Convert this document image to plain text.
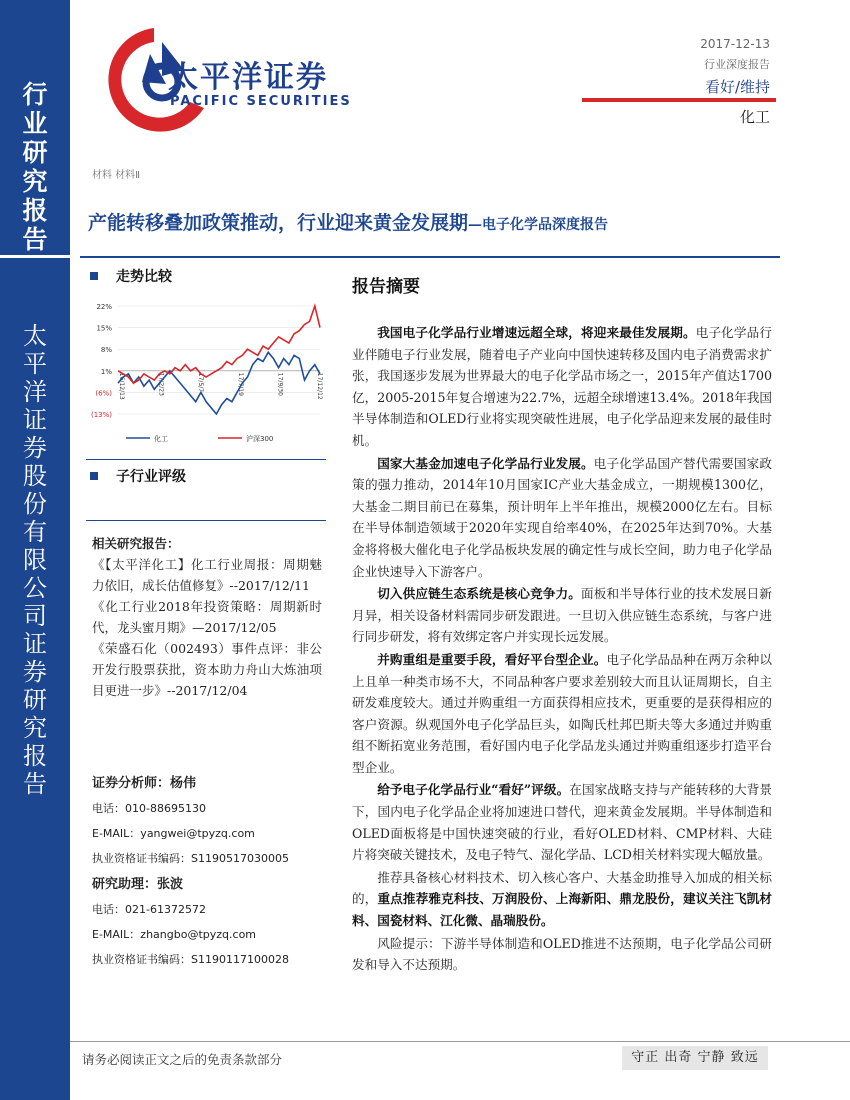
行
业
研
究
报
告
太
平
洋
证
券
股
份
有
限
公
司
证
券
研
究
报
告
太平洋证券
PACIFIC SECURITIES
2017-12-13
行业深度报告
看好/维持
化工
材料 材料Ⅱ
产能转移叠加政策推动，行业迎来黄金发展期—电子化学品深度报告
走势比较
22%
15%
8%
1%
(6%)
(13%)
16/12/13	17/2/23	17/5/7	17/7/19	17/9/30	17/12/12
化工	沪深300
子行业评级
相关研究报告：
《【太平洋化工】化工行业周报：周期魅力依旧，成长估值修复》--2017/12/11
《化工行业2018年投资策略：周期新时代，龙头蜜月期》—2017/12/05
《荣盛石化（002493）事件点评：非公开发行股票获批，资本助力舟山大炼油项目更进一步》--2017/12/04
证券分析师：杨伟
电话：010-88695130
E-MAIL：yangwei@tpyzq.com
执业资格证书编码：S1190517030005
研究助理：张波
电话：021-61372572
E-MAIL：zhangbo@tpyzq.com
执业资格证书编码：S1190117100028
报告摘要

我国电子化学品行业增速远超全球，将迎来最佳发展期。电子化学品行业伴随电子行业发展，随着电子产业向中国快速转移及国内电子消费需求扩张，我国逐步发展为世界最大的电子化学品市场之一，2015年产值达1700亿，2005-2015年复合增速为22.7%，远超全球增速13.4%。2018年我国半导体制造和OLED行业将实现突破性进展，电子化学品迎来发展的最佳时机。

国家大基金加速电子化学品行业发展。电子化学品国产替代需要国家政策的强力推动，2014年10月国家IC产业大基金成立，一期规模1300亿，大基金二期目前已在募集，预计明年上半年推出，规模2000亿左右。目标在半导体制造领域于2020年实现自给率40%，在2025年达到70%。大基金将将极大催化电子化学品板块发展的确定性与成长空间，助力电子化学品企业快速导入下游客户。

切入供应链生态系统是核心竞争力。面板和半导体行业的技术发展日新月异，相关设备材料需同步研发跟进。一旦切入供应链生态系统，与客户进行同步研发，将有效绑定客户并实现长远发展。

并购重组是重要手段，看好平台型企业。电子化学品品种在两万余种以上且单一种类市场不大，不同品种客户要求差别较大而且认证周期长，自主研发难度较大。通过并购重组一方面获得相应技术，更重要的是获得相应的客户资源。纵观国外电子化学品巨头，如陶氏杜邦巴斯夫等大多通过并购重组不断拓宽业务范围，看好国内电子化学品龙头通过并购重组逐步打造平台型企业。

给予电子化学品行业“看好”评级。在国家战略支持与产能转移的大背景下，国内电子化学品企业将加速进口替代，迎来黄金发展期。半导体制造和OLED面板将是中国快速突破的行业，看好OLED材料、CMP材料、大硅片将突破关键技术，及电子特气、湿化学品、LCD相关材料实现大幅放量。

推荐具备核心材料技术、切入核心客户、大基金助推导入加成的相关标的，重点推荐雅克科技、万润股份、上海新阳、鼎龙股份，建议关注飞凯材料、国瓷材料、江化微、晶瑞股份。

风险提示：下游半导体制造和OLED推进不达预期，电子化学品公司研发和导入不达预期。

请务必阅读正文之后的免责条款部分	守正 出奇 宁静 致远
